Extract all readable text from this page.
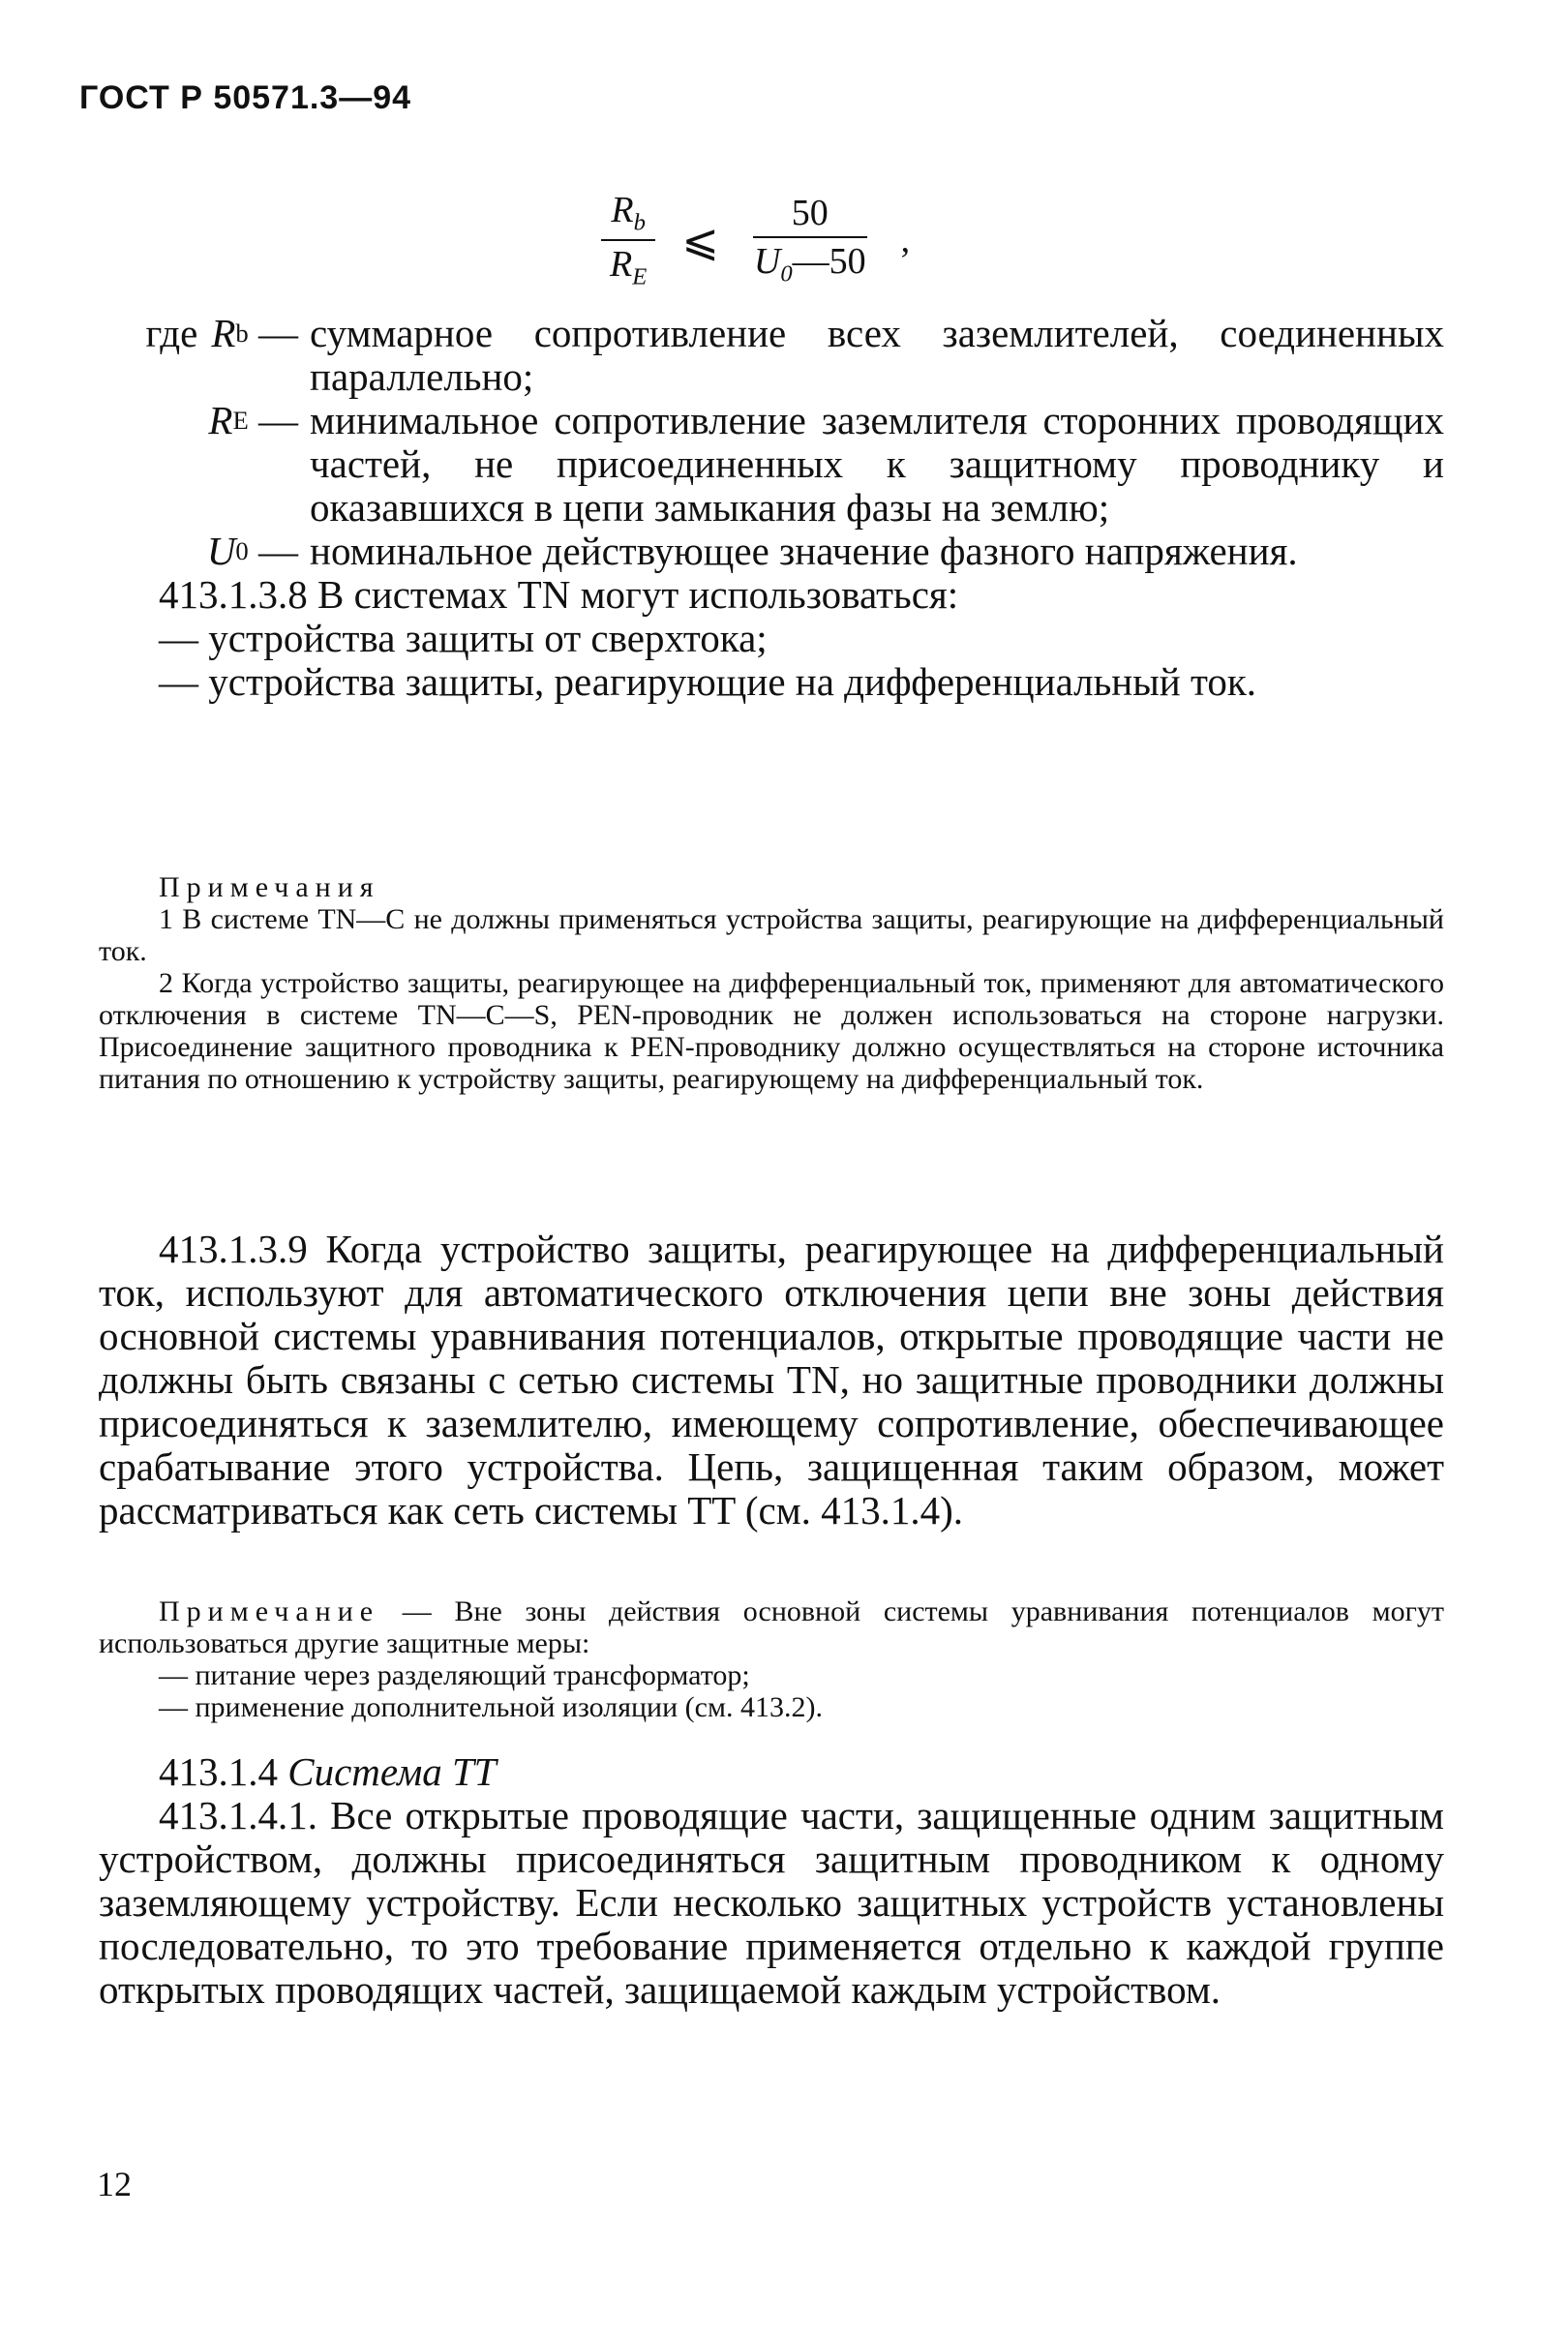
ГОСТ Р 50571.3—94
$\frac{R_b}{R_E}$ ⩽ $\frac{50}{U_0—50}$ ,
где R b
— суммарное сопротивление всех заземлителей, соединенных параллельно;
R E
— минимальное сопротивление заземлителя сторонних проводящих частей, не присоединенных к защитному проводнику и оказавшихся в цепи замыкания фазы на землю;
U 0
— номинальное действующее значение фазного напряжения.

413.1.3.8 В системах TN могут использоваться:

— устройства защиты от сверхтока;

— устройства защиты, реагирующие на дифференциальный ток.

Примечания

1 В системе TN—C не должны применяться устройства защиты, реагирующие на дифференциальный ток.

2 Когда устройство защиты, реагирующее на дифференциальный ток, применяют для автоматического отключения в системе TN—C—S, PEN-проводник не должен использоваться на стороне нагрузки. Присоединение защитного проводника к PEN-проводнику должно осуществляться на стороне источника питания по отношению к устройству защиты, реагирующему на дифференциальный ток.

413.1.3.9 Когда устройство защиты, реагирующее на дифференциальный ток, используют для автоматического отключения цепи вне зоны действия основной системы уравнивания потенциалов, открытые проводящие части не должны быть связаны с сетью системы TN, но защитные проводники должны присоединяться к заземлителю, имеющему сопротивление, обеспечивающее срабатывание этого устройства. Цепь, защищенная таким образом, может рассматриваться как сеть системы TT (см. 413.1.4).

Примечание — Вне зоны действия основной системы уравнивания потенциалов могут использоваться другие защитные меры:

— питание через разделяющий трансформатор;

— применение дополнительной изоляции (см. 413.2).

413.1.4 Система TT

413.1.4.1. Все открытые проводящие части, защищенные одним защитным устройством, должны присоединяться защитным проводником к одному заземляющему устройству. Если несколько защитных устройств установлены последовательно, то это требование применяется отдельно к каждой группе открытых проводящих частей, защищаемой каждым устройством.

12
